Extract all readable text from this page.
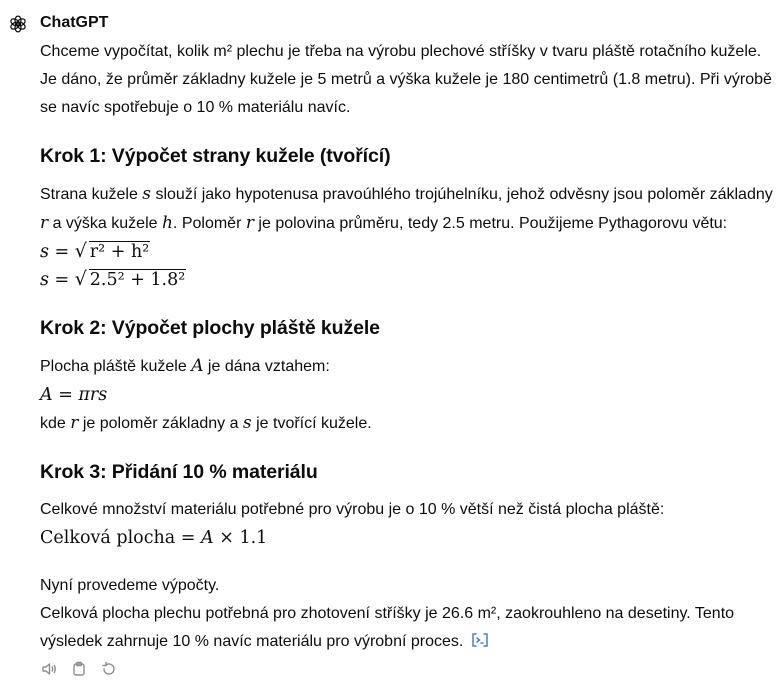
ChatGPT

Chceme vypočítat, kolik m² plechu je třeba na výrobu plechové stříšky v tvaru pláště rotačního kužele. Je dáno, že průměr základny kužele je 5 metrů a výška kužele je 180 centimetrů (1.8 metru). Při výrobě se navíc spotřebuje o 10 % materiálu navíc.

Krok 1: Výpočet strany kužele (tvořící)

Strana kužele s slouží jako hypotenusa pravoúhlého trojúhelníku, jehož odvěsny jsou poloměr základny r a výška kužele h. Poloměr r je polovina průměru, tedy 2.5 metru. Použijeme Pythagorovu větu:

s = √ r² + h²
s = √ 2.5² + 1.8²
Krok 2: Výpočet plochy pláště kužele

Plocha pláště kužele A je dána vztahem:

A = πrs

kde r je poloměr základny a s je tvořící kužele.

Krok 3: Přidání 10 % materiálu

Celkové množství materiálu potřebné pro výrobu je o 10 % větší než čistá plocha pláště:

Celková plocha = A × 1.1

Nyní provedeme výpočty.

Celková plocha plechu potřebná pro zhotovení stříšky je 26.6 m², zaokrouhleno na desetiny. Tento výsledek zahrnuje 10 % navíc materiálu pro výrobní proces.
